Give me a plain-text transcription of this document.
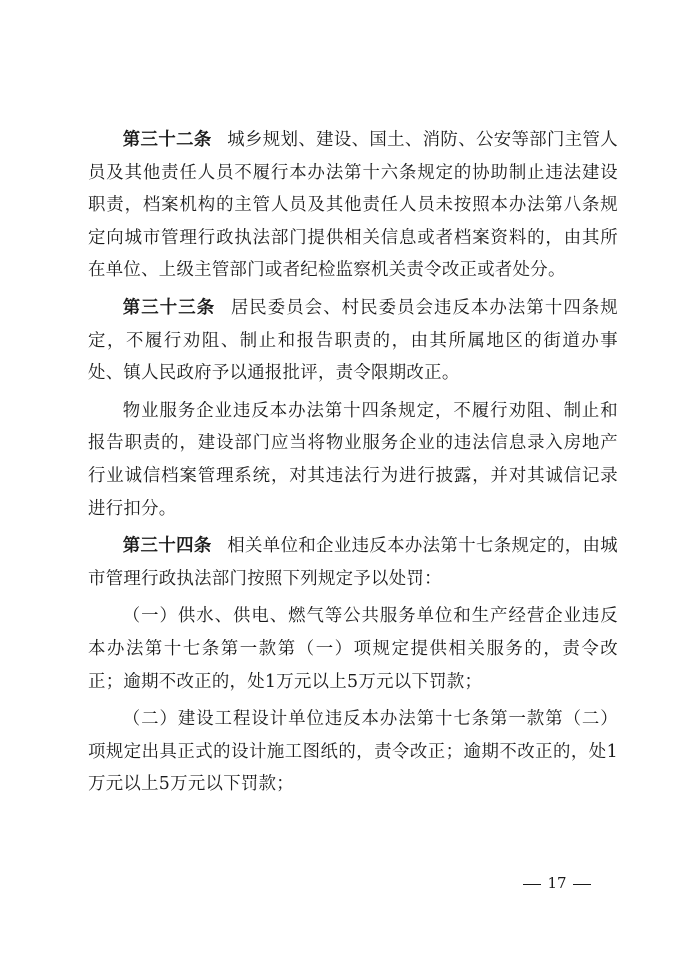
第三十二条 城乡规划、建设、国土、消防、公安等部门主管人员及其他责任人员不履行本办法第十六条规定的协助制止违法建设职责，档案机构的主管人员及其他责任人员未按照本办法第八条规定向城市管理行政执法部门提供相关信息或者档案资料的，由其所在单位、上级主管部门或者纪检监察机关责令改正或者处分。

第三十三条 居民委员会、村民委员会违反本办法第十四条规定，不履行劝阻、制止和报告职责的，由其所属地区的街道办事处、镇人民政府予以通报批评，责令限期改正。

物业服务企业违反本办法第十四条规定，不履行劝阻、制止和报告职责的，建设部门应当将物业服务企业的违法信息录入房地产行业诚信档案管理系统，对其违法行为进行披露，并对其诚信记录进行扣分。

第三十四条 相关单位和企业违反本办法第十七条规定的，由城市管理行政执法部门按照下列规定予以处罚：

（一）供水、供电、燃气等公共服务单位和生产经营企业违反本办法第十七条第一款第（一）项规定提供相关服务的，责令改正；逾期不改正的，处1万元以上5万元以下罚款；

（二）建设工程设计单位违反本办法第十七条第一款第（二）项规定出具正式的设计施工图纸的，责令改正；逾期不改正的，处1万元以上5万元以下罚款；

17
